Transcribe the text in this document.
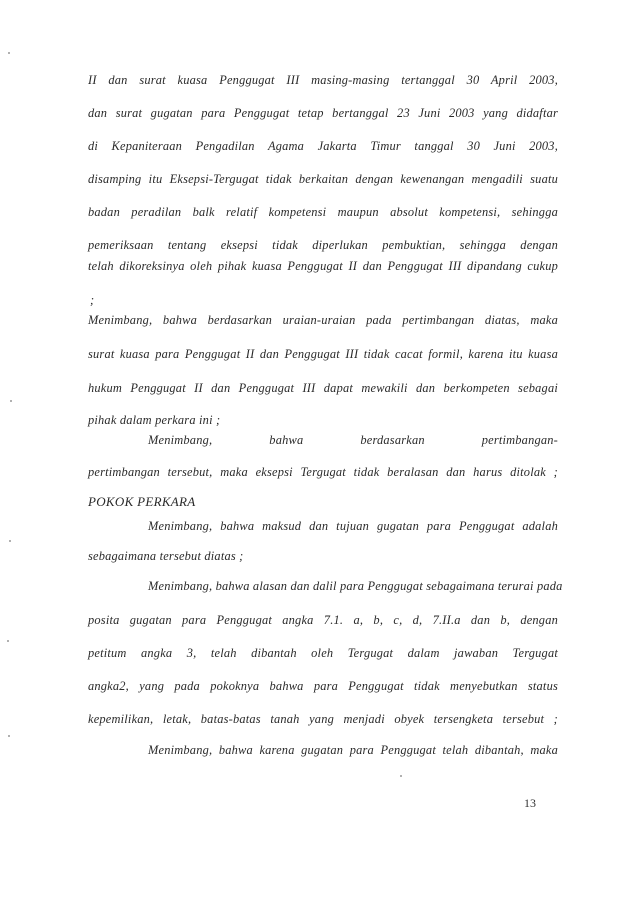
II dan surat kuasa Penggugat III masing-masing tertanggal 30 April 2003,
dan surat gugatan para Penggugat tetap bertanggal 23 Juni 2003 yang didaftar
di Kepaniteraan Pengadilan Agama Jakarta Timur tanggal 30 Juni 2003,
disamping itu Eksepsi-Tergugat tidak berkaitan dengan kewenangan mengadili suatu
badan peradilan balk relatif kompetensi maupun absolut kompetensi, sehingga
pemeriksaan tentang eksepsi tidak diperlukan pembuktian, sehingga dengan
telah dikoreksinya oleh pihak kuasa Penggugat II dan Penggugat III dipandang cukup
;
Menimbang, bahwa berdasarkan uraian-uraian pada pertimbangan diatas, maka
surat kuasa para Penggugat II dan Penggugat III tidak cacat formil, karena itu kuasa
hukum Penggugat II dan Penggugat III dapat mewakili dan berkompeten sebagai
pihak dalam perkara ini ;
Menimbang, bahwa berdasarkan pertimbangan-
pertimbangan tersebut, maka eksepsi Tergugat tidak beralasan dan harus ditolak ;
POKOK PERKARA
Menimbang, bahwa maksud dan tujuan gugatan para Penggugat adalah
sebagaimana tersebut diatas ;
Menimbang, bahwa alasan dan dalil para Penggugat sebagaimana terurai pada
posita gugatan para Penggugat angka 7.1. a, b, c, d, 7.II.a dan b, dengan
petitum angka 3, telah dibantah oleh Tergugat dalam jawaban Tergugat
angka2, yang pada pokoknya bahwa para Penggugat tidak menyebutkan status
kepemilikan, letak, batas-batas tanah yang menjadi obyek tersengketa tersebut ;
Menimbang, bahwa karena gugatan para Penggugat telah dibantah, maka
13
